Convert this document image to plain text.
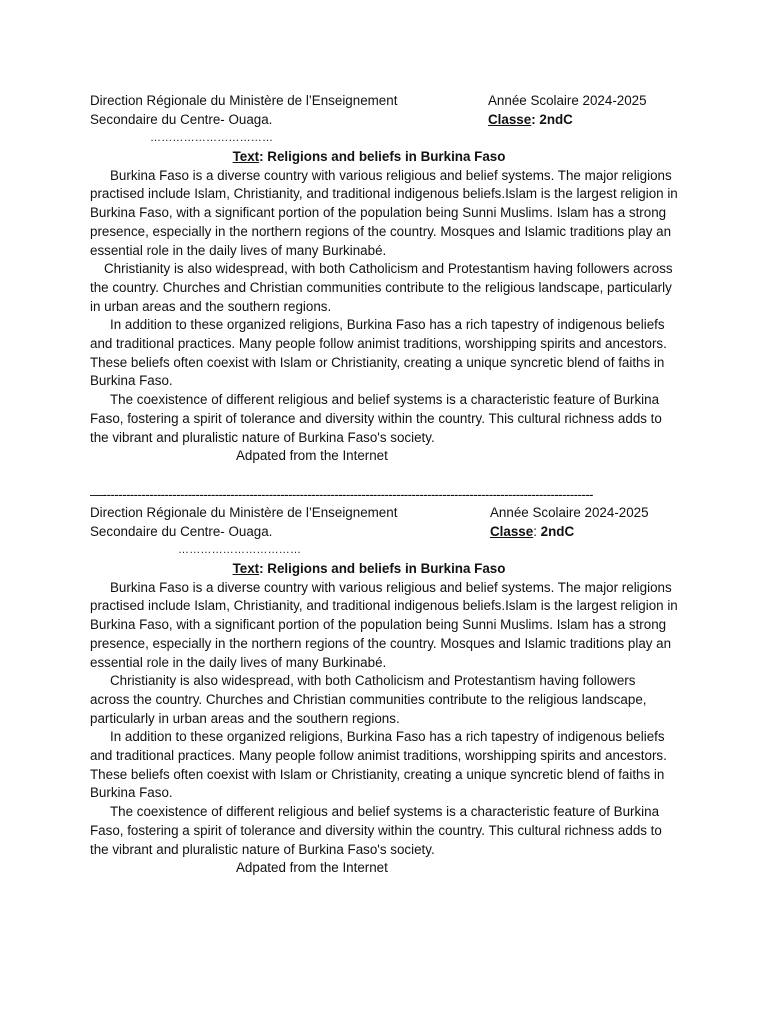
Direction Régionale du Ministère de l’Enseignement	Année Scolaire 2024-2025
Secondaire du Centre- Ouaga.	Classe: 2ndC
……………………………
Text: Religions and beliefs in Burkina Faso

Burkina Faso is a diverse country with various religious and belief systems. The major religions practised include Islam, Christianity, and traditional indigenous beliefs.Islam is the largest religion in Burkina Faso, with a significant portion of the population being Sunni Muslims. Islam has a strong presence, especially in the northern regions of the country. Mosques and Islamic traditions play an essential role in the daily lives of many Burkinabé.

Christianity is also widespread, with both Catholicism and Protestantism having followers across the country. Churches and Christian communities contribute to the religious landscape, particularly in urban areas and the southern regions.

In addition to these organized religions, Burkina Faso has a rich tapestry of indigenous beliefs and traditional practices. Many people follow animist traditions, worshipping spirits and ancestors. These beliefs often coexist with Islam or Christianity, creating a unique syncretic blend of faiths in Burkina Faso.

The coexistence of different religious and belief systems is a characteristic feature of Burkina Faso, fostering a spirit of tolerance and diversity within the country. This cultural richness adds to the vibrant and pluralistic nature of Burkina Faso's society.

Adpated from the Internet
—-------------------------------------------------------------------------------------------------------------------------------
Direction Régionale du Ministère de l’Enseignement	Année Scolaire 2024-2025
Secondaire du Centre- Ouaga.	Classe: 2ndC
……………………………
Text: Religions and beliefs in Burkina Faso

Burkina Faso is a diverse country with various religious and belief systems. The major religions practised include Islam, Christianity, and traditional indigenous beliefs.Islam is the largest religion in Burkina Faso, with a significant portion of the population being Sunni Muslims. Islam has a strong presence, especially in the northern regions of the country. Mosques and Islamic traditions play an essential role in the daily lives of many Burkinabé.

Christianity is also widespread, with both Catholicism and Protestantism having followers across the country. Churches and Christian communities contribute to the religious landscape, particularly in urban areas and the southern regions.

In addition to these organized religions, Burkina Faso has a rich tapestry of indigenous beliefs and traditional practices. Many people follow animist traditions, worshipping spirits and ancestors. These beliefs often coexist with Islam or Christianity, creating a unique syncretic blend of faiths in Burkina Faso.

The coexistence of different religious and belief systems is a characteristic feature of Burkina Faso, fostering a spirit of tolerance and diversity within the country. This cultural richness adds to the vibrant and pluralistic nature of Burkina Faso's society.

Adpated from the Internet
